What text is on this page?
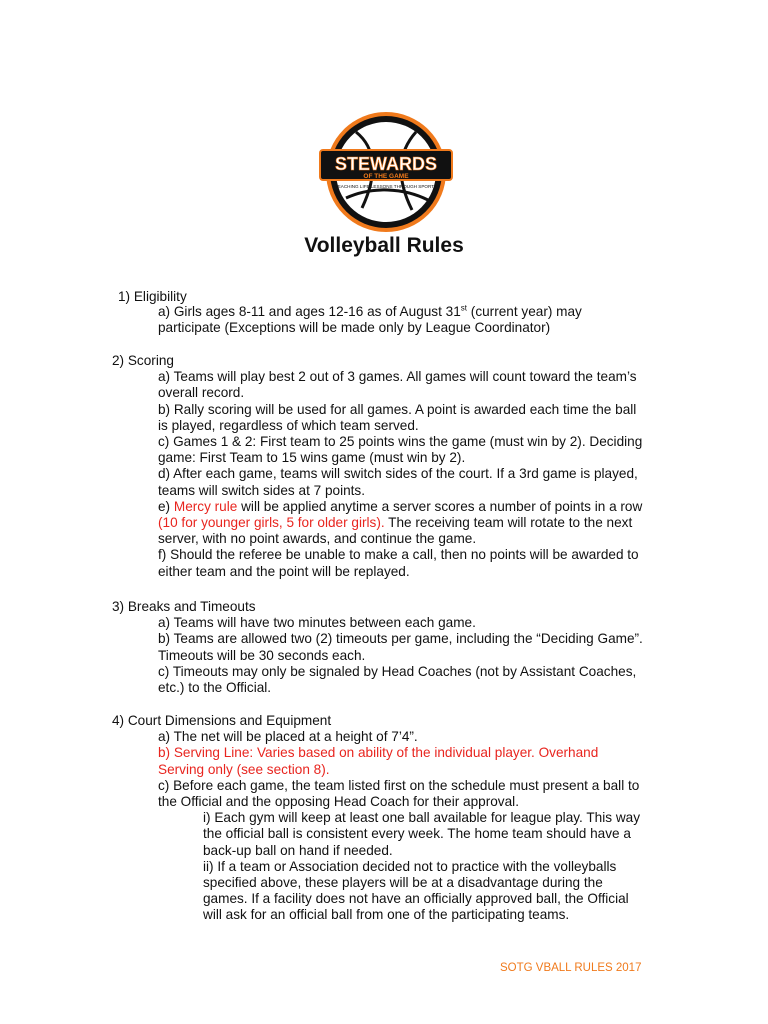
STEWARDS
OF THE GAME
TEACHING LIFE LESSONS THROUGH SPORTS
Volleyball Rules

1) Eligibility

a) Girls ages 8-11 and ages 12-16 as of August 31st (current year) may

participate (Exceptions will be made only by League Coordinator)

2) Scoring

a) Teams will play best 2 out of 3 games. All games will count toward the team’s

overall record.

b) Rally scoring will be used for all games. A point is awarded each time the ball

is played, regardless of which team served.

c) Games 1 & 2: First team to 25 points wins the game (must win by 2). Deciding

game: First Team to 15 wins game (must win by 2).

d) After each game, teams will switch sides of the court. If a 3rd game is played,

teams will switch sides at 7 points.

e) Mercy rule will be applied anytime a server scores a number of points in a row

(10 for younger girls, 5 for older girls). The receiving team will rotate to the next

server, with no point awards, and continue the game.

f) Should the referee be unable to make a call, then no points will be awarded to

either team and the point will be replayed.

3) Breaks and Timeouts

a) Teams will have two minutes between each game.

b) Teams are allowed two (2) timeouts per game, including the “Deciding Game”.

Timeouts will be 30 seconds each.

c) Timeouts may only be signaled by Head Coaches (not by Assistant Coaches,

etc.) to the Official.

4) Court Dimensions and Equipment

a) The net will be placed at a height of 7’4”.

b) Serving Line: Varies based on ability of the individual player. Overhand

Serving only (see section 8).

c) Before each game, the team listed first on the schedule must present a ball to

the Official and the opposing Head Coach for their approval.

i) Each gym will keep at least one ball available for league play. This way

the official ball is consistent every week. The home team should have a

back-up ball on hand if needed.

ii) If a team or Association decided not to practice with the volleyballs

specified above, these players will be at a disadvantage during the

games. If a facility does not have an officially approved ball, the Official

will ask for an official ball from one of the participating teams.

SOTG VBALL RULES 2017
